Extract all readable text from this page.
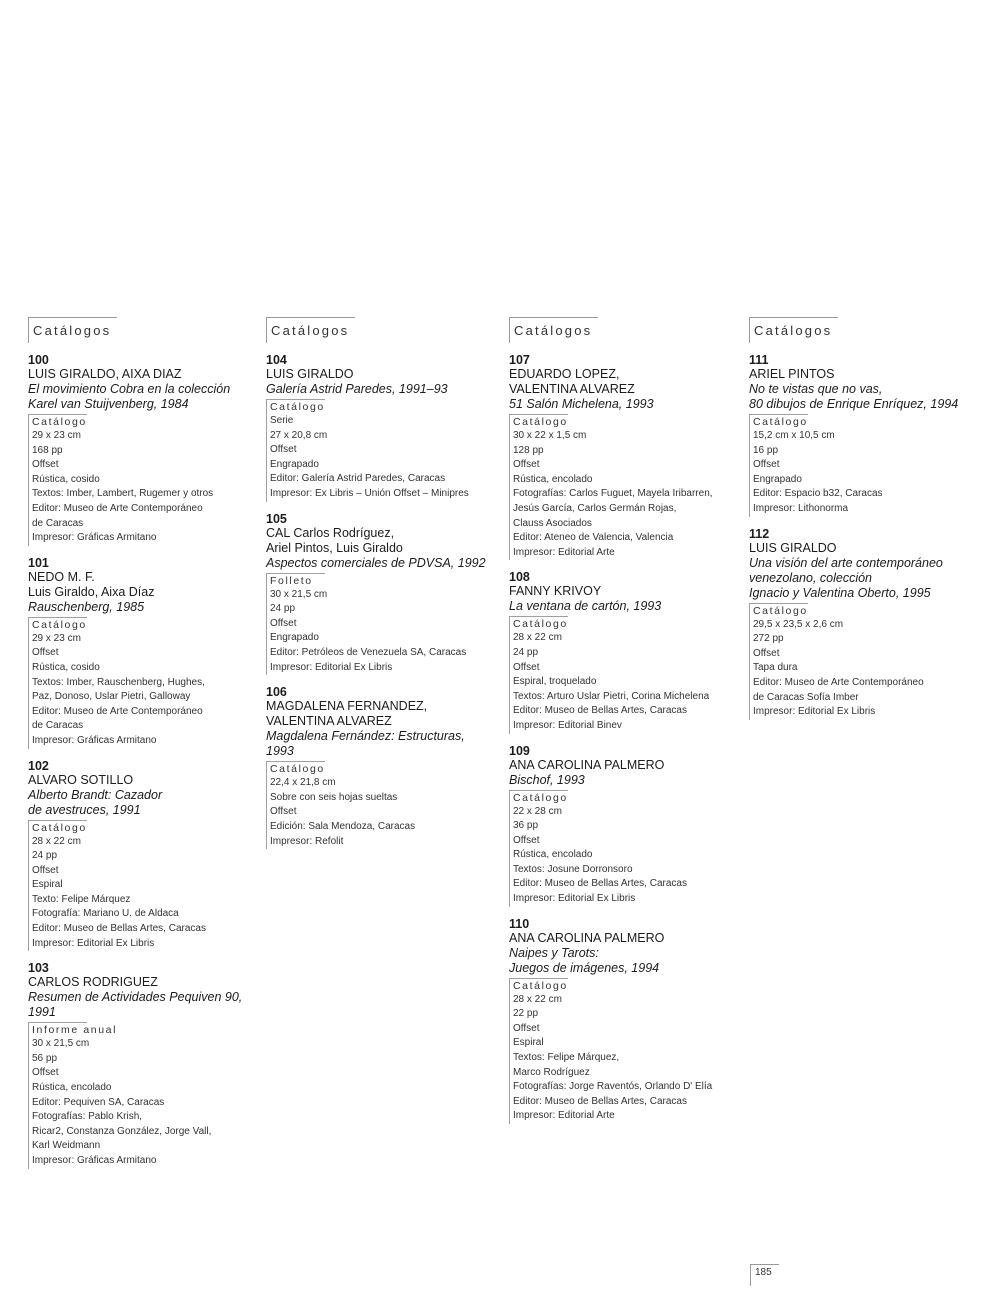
Catálogos
100
LUIS GIRALDO, AIXA DIAZ
El movimiento Cobra en la colección
Karel van Stuijvenberg, 1984
Catálogo
29 x 23 cm
168 pp
Offset
Rústica, cosido
Textos: Imber, Lambert, Rugemer y otros
Editor: Museo de Arte Contemporáneo
de Caracas
Impresor: Gráficas Armitano
101
NEDO M. F.
Luis Giraldo, Aixa Díaz
Rauschenberg, 1985
Catálogo
29 x 23 cm
Offset
Rústica, cosido
Textos: Imber, Rauschenberg, Hughes,
Paz, Donoso, Uslar Pietri, Galloway
Editor: Museo de Arte Contemporáneo
de Caracas
Impresor: Gráficas Armitano
102
ALVARO SOTILLO
Alberto Brandt: Cazador
de avestruces, 1991
Catálogo
28 x 22 cm
24 pp
Offset
Espiral
Texto: Felipe Márquez
Fotografía: Mariano U. de Aldaca
Editor: Museo de Bellas Artes, Caracas
Impresor: Editorial Ex Libris
103
CARLOS RODRIGUEZ
Resumen de Actividades Pequiven 90,
1991
Informe anual
30 x 21,5 cm
56 pp
Offset
Rústica, encolado
Editor: Pequiven SA, Caracas
Fotografías: Pablo Krish,
Ricar2, Constanza González, Jorge Vall,
Karl Weidmann
Impresor: Gráficas Armitano
Catálogos
104
LUIS GIRALDO
Galería Astrid Paredes, 1991–93
Catálogo
Serie
27 x 20,8 cm
Offset
Engrapado
Editor: Galería Astrid Paredes, Caracas
Impresor: Ex Libris – Unión Offset – Minipres
105
CAL Carlos Rodríguez,
Ariel Pintos, Luis Giraldo
Aspectos comerciales de PDVSA, 1992
Folleto
30 x 21,5 cm
24 pp
Offset
Engrapado
Editor: Petróleos de Venezuela SA, Caracas
Impresor: Editorial Ex Libris
106
MAGDALENA FERNANDEZ,
VALENTINA ALVAREZ
Magdalena Fernández: Estructuras,
1993
Catálogo
22,4 x 21,8 cm
Sobre con seis hojas sueltas
Offset
Edición: Sala Mendoza, Caracas
Impresor: Refolit
Catálogos
107
EDUARDO LOPEZ,
VALENTINA ALVAREZ
51 Salón Michelena, 1993
Catálogo
30 x 22 x 1,5 cm
128 pp
Offset
Rústica, encolado
Fotografías: Carlos Fuguet, Mayela Iribarren,
Jesús García, Carlos Germán Rojas,
Clauss Asociados
Editor: Ateneo de Valencia, Valencia
Impresor: Editorial Arte
108
FANNY KRIVOY
La ventana de cartón, 1993
Catálogo
28 x 22 cm
24 pp
Offset
Espiral, troquelado
Textos: Arturo Uslar Pietri, Corina Michelena
Editor: Museo de Bellas Artes, Caracas
Impresor: Editorial Binev
109
ANA CAROLINA PALMERO
Bischof, 1993
Catálogo
22 x 28 cm
36 pp
Offset
Rústica, encolado
Textos: Josune Dorronsoro
Editor: Museo de Bellas Artes, Caracas
Impresor: Editorial Ex Libris
110
ANA CAROLINA PALMERO
Naipes y Tarots:
Juegos de imágenes, 1994
Catálogo
28 x 22 cm
22 pp
Offset
Espiral
Textos: Felipe Márquez,
Marco Rodríguez
Fotografías: Jorge Raventós, Orlando D' Elía
Editor: Museo de Bellas Artes, Caracas
Impresor: Editorial Arte
Catálogos
111
ARIEL PINTOS
No te vistas que no vas,
80 dibujos de Enrique Enríquez, 1994
Catálogo
15,2 cm x 10,5 cm
16 pp
Offset
Engrapado
Editor: Espacio b32, Caracas
Impresor: Lithonorma
112
LUIS GIRALDO
Una visión del arte contemporáneo
venezolano, colección
Ignacio y Valentina Oberto, 1995
Catálogo
29,5 x 23,5 x 2,6 cm
272 pp
Offset
Tapa dura
Editor: Museo de Arte Contemporáneo
de Caracas Sofía Imber
Impresor: Editorial Ex Libris
185
